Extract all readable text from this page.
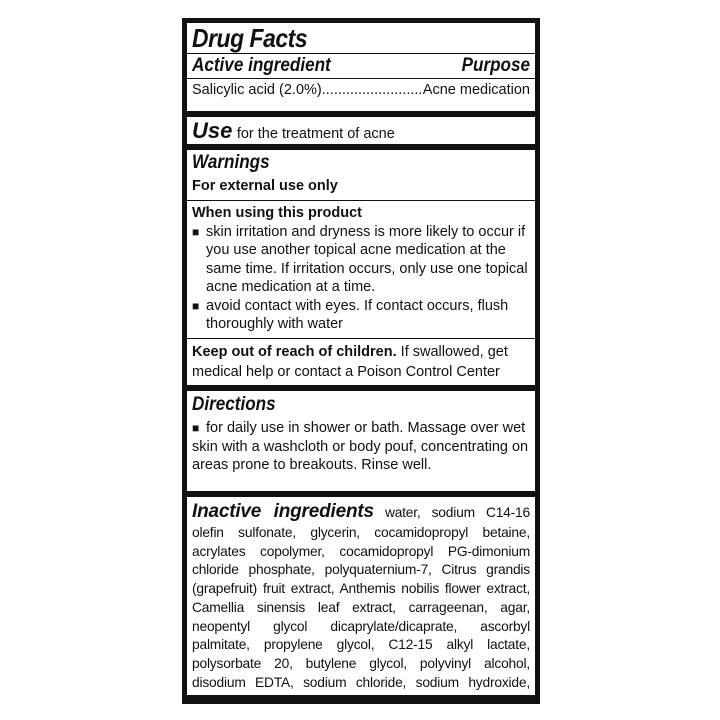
Drug Facts
Active ingredient	Purpose
Salicylic acid (2.0%)......................... Acne medication
Use for the treatment of acne
Warnings
For external use only
When using this product
■ skin irritation and dryness is more likely to occur if you use another topical acne medication at the same time. If irritation occurs, only use one topical acne medication at a time.
■ avoid contact with eyes. If contact occurs, flush thoroughly with water
Keep out of reach of children. If swallowed, get medical help or contact a Poison Control Center
Directions
■ for daily use in shower or bath. Massage over wet skin with a washcloth or body pouf, concentrating on areas prone to breakouts. Rinse well.
Inactive ingredients water, sodium C14-16 olefin sulfonate, glycerin, cocamidopropyl betaine, acrylates copolymer, cocamidopropyl PG-dimonium chloride phosphate, polyquaternium-7, Citrus grandis (grapefruit) fruit extract, Anthemis nobilis flower extract, Camellia sinensis leaf extract, carrageenan, agar, neopentyl glycol dicaprylate/dicaprate, ascorbyl palmitate, propylene glycol, C12-15 alkyl lactate, polysorbate 20, butylene glycol, polyvinyl alcohol, disodium EDTA, sodium chloride, sodium hydroxide,
